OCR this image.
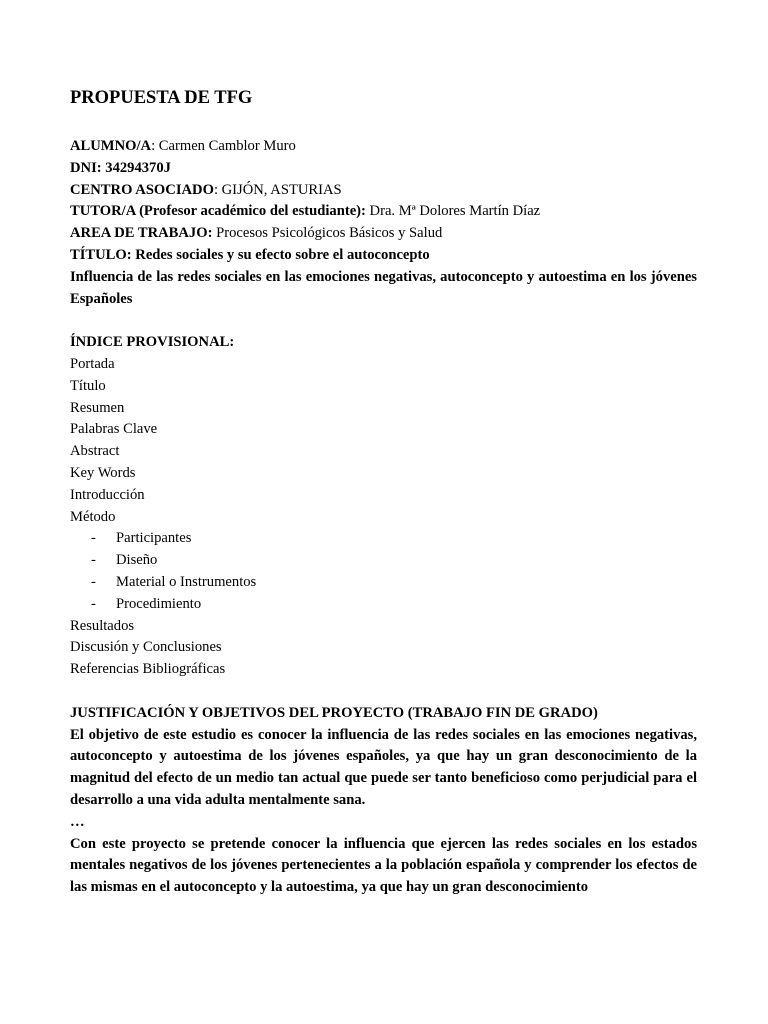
PROPUESTA DE TFG
ALUMNO/A: Carmen Camblor Muro
DNI: 34294370J
CENTRO ASOCIADO: GIJÓN, ASTURIAS
TUTOR/A (Profesor académico del estudiante): Dra. Mª Dolores Martín Díaz
AREA DE TRABAJO: Procesos Psicológicos Básicos y Salud
TÍTULO: Redes sociales y su efecto sobre el autoconcepto
Influencia de las redes sociales en las emociones negativas, autoconcepto y autoestima en los jóvenes Españoles
ÍNDICE PROVISIONAL:
Portada
Título
Resumen
Palabras Clave
Abstract
Key Words
Introducción
Método
- Participantes
- Diseño
- Material o Instrumentos
- Procedimiento
Resultados
Discusión y Conclusiones
Referencias Bibliográficas
JUSTIFICACIÓN Y OBJETIVOS DEL PROYECTO (TRABAJO FIN DE GRADO)
El objetivo de este estudio es conocer la influencia de las redes sociales en las emociones negativas, autoconcepto y autoestima de los jóvenes españoles, ya que hay un gran desconocimiento de la magnitud del efecto de un medio tan actual que puede ser tanto beneficioso como perjudicial para el desarrollo a una vida adulta mentalmente sana.
…
Con este proyecto se pretende conocer la influencia que ejercen las redes sociales en los estados mentales negativos de los jóvenes pertenecientes a la población española y comprender los efectos de las mismas en el autoconcepto y la autoestima, ya que hay un gran desconocimiento
